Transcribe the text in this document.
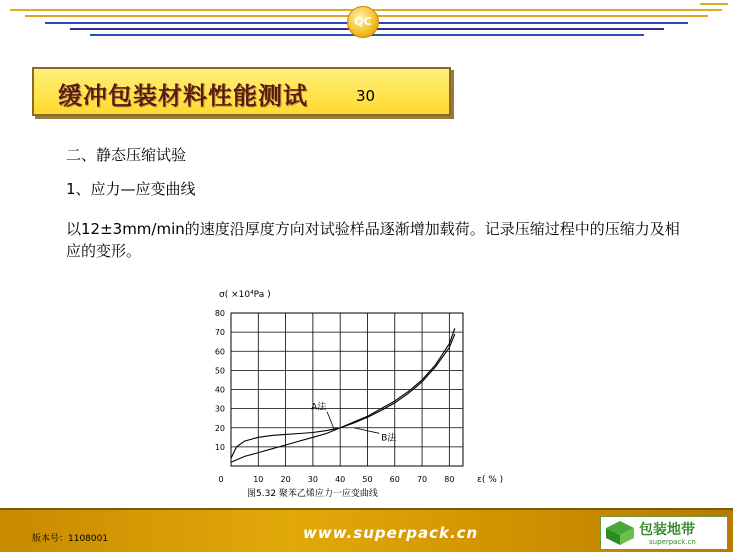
QC
缓冲包装材料性能测试	30
二、静态压缩试验
1、应力—应变曲线
以12±3mm/min的速度沿厚度方向对试验样品逐渐增加载荷。记录压缩过程中的压缩力及相应的变形。
10
20
30
40
50
60
70
80
0	10 20 30 40 50 60 70 80
σ( ×10⁴Pa )
ε( % )
A法
B法
图5.32 聚苯乙烯应力一应变曲线
版本号：1108001	www.superpack.cn	包装地带
superpack.cn
